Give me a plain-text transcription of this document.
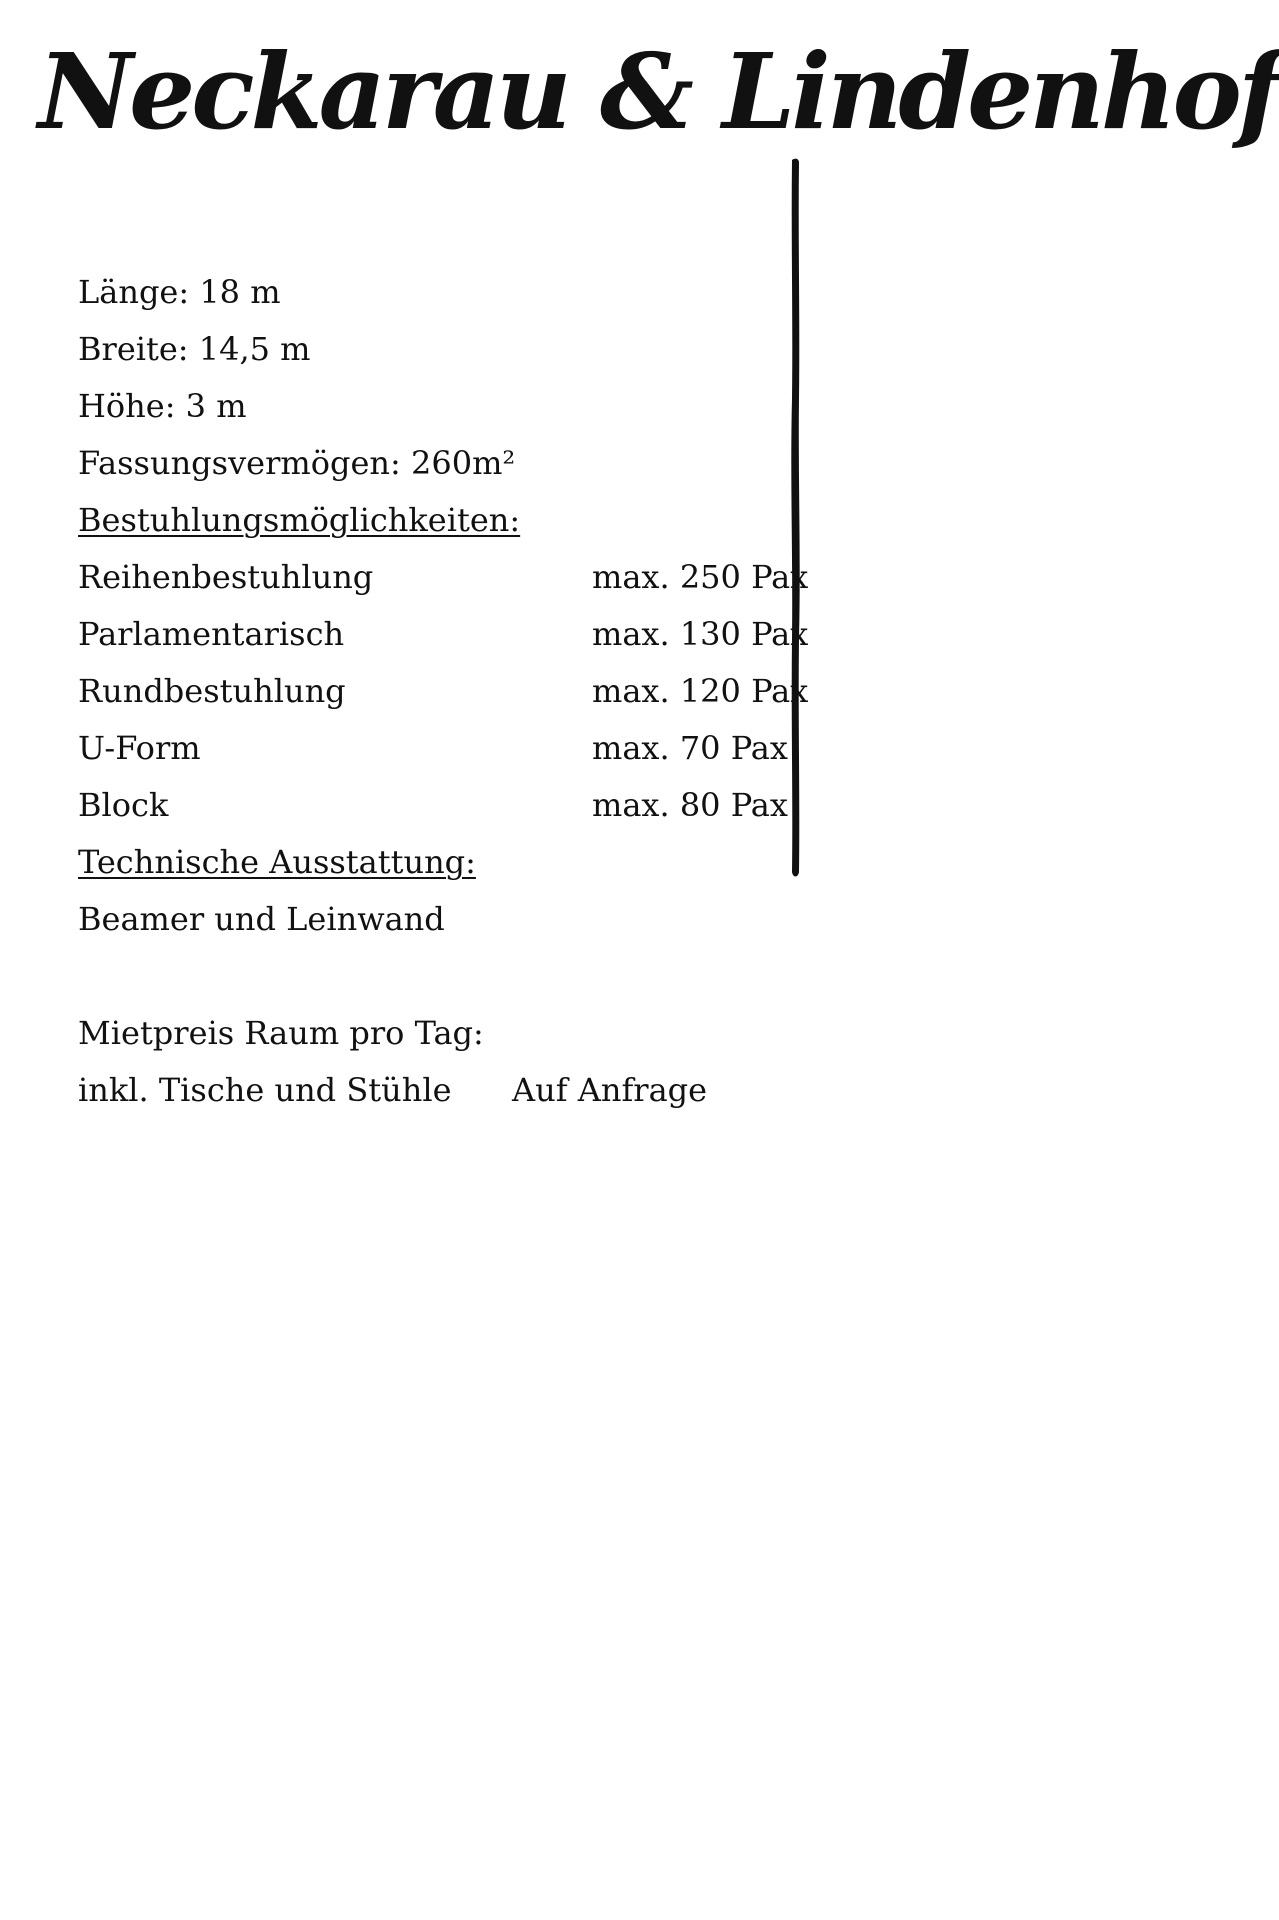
Neckarau & Lindenhof
Länge: 18 m
Breite: 14,5 m
Höhe: 3 m
Fassungsvermögen: 260m²
Bestuhlungsmöglichkeiten:
Reihenbestuhlung	max. 250 Pax
Parlamentarisch	max. 130 Pax
Rundbestuhlung	max. 120 Pax
U-Form	max. 70 Pax
Block	max. 80 Pax
Technische Ausstattung:
Beamer und Leinwand
Mietpreis Raum pro Tag:
inkl. Tische und Stühle Auf Anfrage
